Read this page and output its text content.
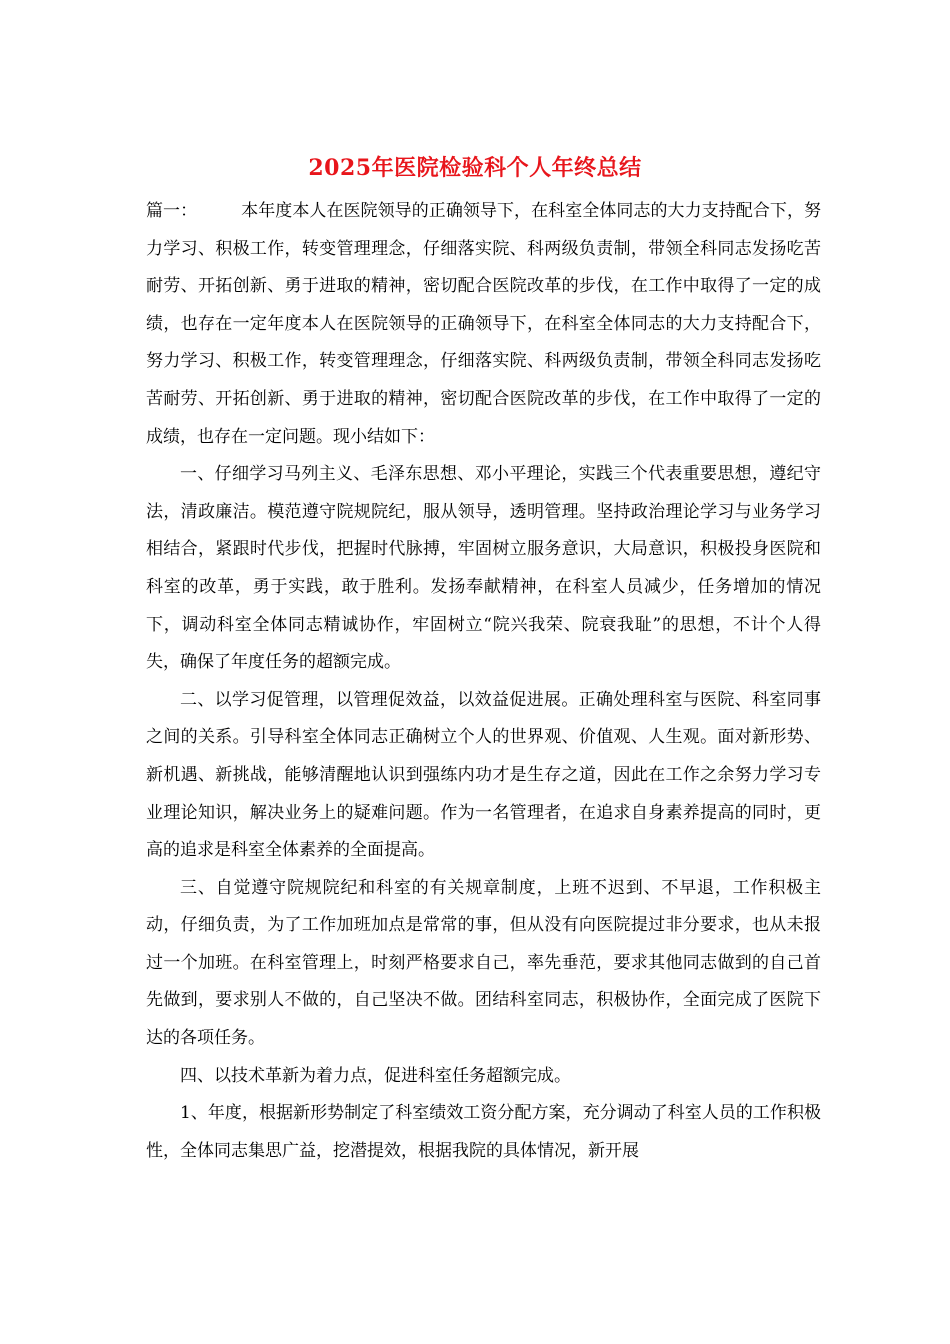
2025年医院检验科个人年终总结

篇一：	本年度本人在医院领导的正确领导下，在科室全体同志的大力支持配合下，努力学习、积极工作，转变管理理念，仔细落实院、科两级负责制，带领全科同志发扬吃苦耐劳、开拓创新、勇于进取的精神，密切配合医院改革的步伐，在工作中取得了一定的成绩，也存在一定年度本人在医院领导的正确领导下，在科室全体同志的大力支持配合下，努力学习、积极工作，转变管理理念，仔细落实院、科两级负责制，带领全科同志发扬吃苦耐劳、开拓创新、勇于进取的精神，密切配合医院改革的步伐，在工作中取得了一定的成绩，也存在一定问题。现小结如下：

一、仔细学习马列主义、毛泽东思想、邓小平理论，实践三个代表重要思想，遵纪守法，清政廉洁。模范遵守院规院纪，服从领导，透明管理。坚持政治理论学习与业务学习相结合，紧跟时代步伐，把握时代脉搏，牢固树立服务意识，大局意识，积极投身医院和科室的改革，勇于实践，敢于胜利。发扬奉献精神，在科室人员减少，任务增加的情况下，调动科室全体同志精诚协作，牢固树立“院兴我荣、院衰我耻”的思想，不计个人得失，确保了年度任务的超额完成。

二、以学习促管理，以管理促效益，以效益促进展。正确处理科室与医院、科室同事之间的关系。引导科室全体同志正确树立个人的世界观、价值观、人生观。面对新形势、新机遇、新挑战，能够清醒地认识到强练内功才是生存之道，因此在工作之余努力学习专业理论知识，解决业务上的疑难问题。作为一名管理者，在追求自身素养提高的同时，更高的追求是科室全体素养的全面提高。

三、自觉遵守院规院纪和科室的有关规章制度，上班不迟到、不早退，工作积极主动，仔细负责，为了工作加班加点是常常的事，但从没有向医院提过非分要求，也从未报过一个加班。在科室管理上，时刻严格要求自己，率先垂范，要求其他同志做到的自己首先做到，要求别人不做的，自己坚决不做。团结科室同志，积极协作，全面完成了医院下达的各项任务。

四、以技术革新为着力点，促进科室任务超额完成。

1、年度，根据新形势制定了科室绩效工资分配方案，充分调动了科室人员的工作积极性，全体同志集思广益，挖潜提效，根据我院的具体情况，新开展
